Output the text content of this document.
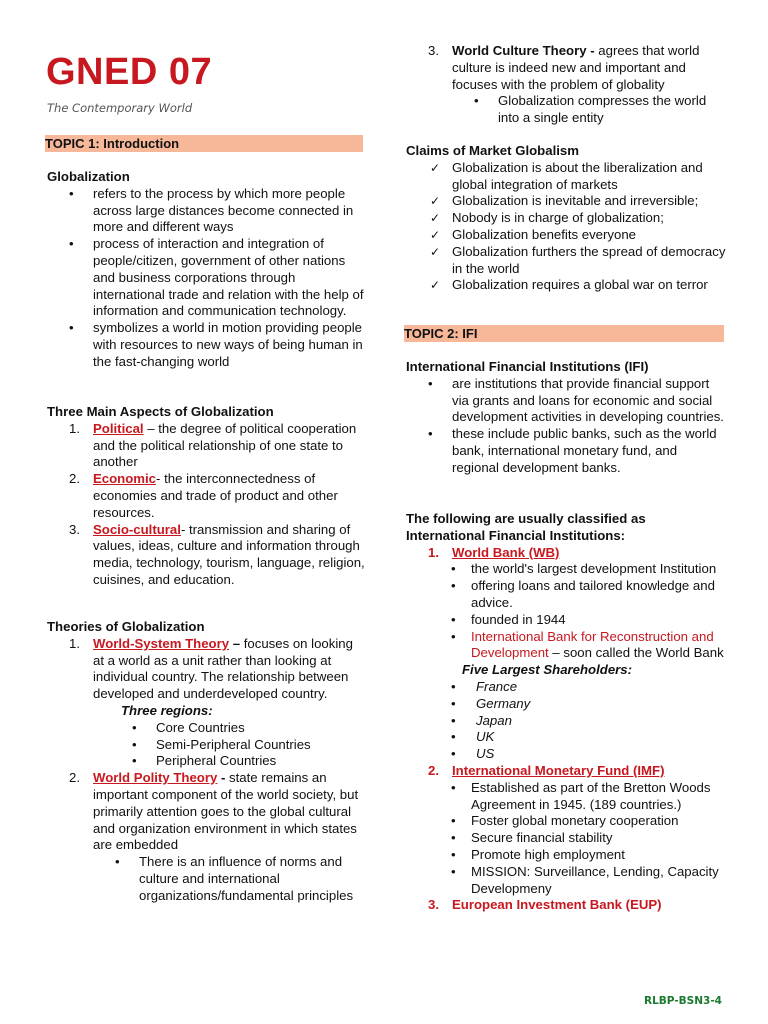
GNED 07

The Contemporary World

TOPIC 1: Introduction

Globalization

• refers to the process by which more people across large distances become connected in more and different ways
• process of interaction and integration of people/citizen, government of other nations and business corporations through international trade and relation with the help of information and communication technology.
• symbolizes a world in motion providing people with resources to new ways of being human in the fast-changing world

Three Main Aspects of Globalization

1. Political – the degree of political cooperation and the political relationship of one state to another
2. Economic- the interconnectedness of economies and trade of product and other resources.
3. Socio-cultural- transmission and sharing of values, ideas, culture and information through media, technology, tourism, language, religion, cuisines, and education.

Theories of Globalization

1. World-System Theory – focuses on looking at a world as a unit rather than looking at individual country. The relationship between developed and underdeveloped country.

Three regions:

• Core Countries
• Semi-Peripheral Countries
• Peripheral Countries
2. World Polity Theory - state remains an important component of the world society, but primarily attention goes to the global cultural and organization environment in which states are embedded
• There is an influence of norms and culture and international organizations/fundamental principles
3. World Culture Theory - agrees that world culture is indeed new and important and focuses with the problem of globality
• Globalization compresses the world into a single entity

Claims of Market Globalism

✓ Globalization is about the liberalization and global integration of markets
✓ Globalization is inevitable and irreversible;
✓ Nobody is in charge of globalization;
✓ Globalization benefits everyone
✓ Globalization furthers the spread of democracy in the world
✓ Globalization requires a global war on terror
TOPIC 2: IFI

International Financial Institutions (IFI)

• are institutions that provide financial support via grants and loans for economic and social development activities in developing countries.
• these include public banks, such as the world bank, international monetary fund, and regional development banks.

The following are usually classified as International Financial Institutions:

1. World Bank (WB)
• the world's largest development Institution
• offering loans and tailored knowledge and advice.
• founded in 1944
• International Bank for Reconstruction and Development – soon called the World Bank

Five Largest Shareholders:

• France
• Germany
• Japan
• UK
• US
2. International Monetary Fund (IMF)
• Established as part of the Bretton Woods Agreement in 1945. (189 countries.)
• Foster global monetary cooperation
• Secure financial stability
• Promote high employment
• MISSION: Surveillance, Lending, Capacity Developmeny
3. European Investment Bank (EUP)
RLBP-BSN3-4
